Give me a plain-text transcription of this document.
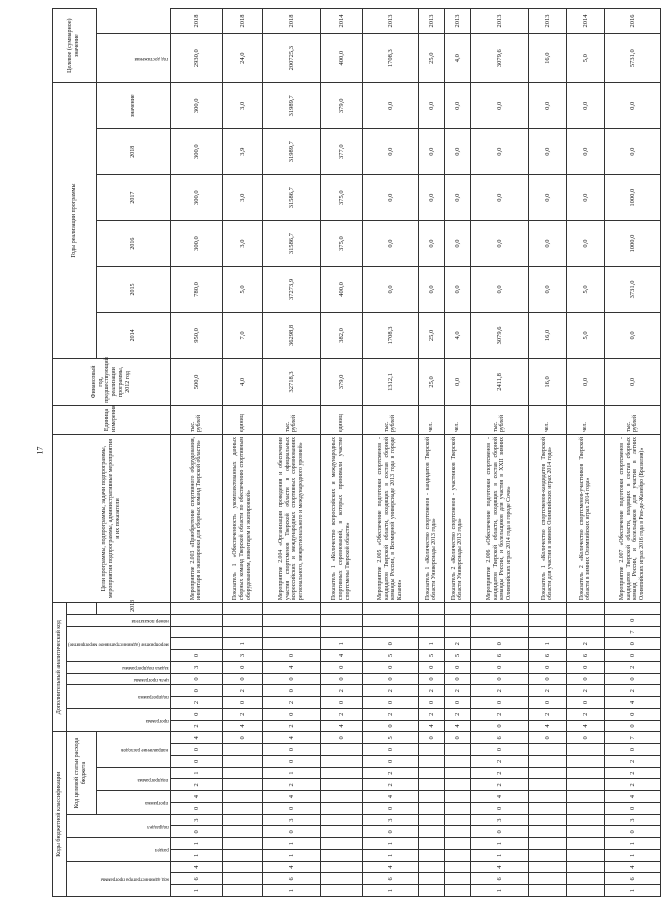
17
Коды бюджетной классификации														Дополнительный аналитический код											Цели программы, подпрограммы, задачи подпрограммы, мероприятия подпрограммы, административные мероприятия и их показатели	Единица измерения	Финансовый год, предшествующий реализации программы, 2012 год	Годы реализации программы						Целевое (суммарное) значение	
код администратора программы			раздел		подраздел		Код целевой статьи расхода бюджета							программа		подпрограмма		цель программы	задача подпрограммы	мероприятие (административное мероприятие)			номер показателя												
							программа		подпрограмма		направление расходов													2013				2014	2015	2016	2017	2018	значение	год достижения	
1	6	4	1	1	0	3	0	4	2	1	0	0	4	2	0	2	0	0	3	0					Мероприятие 2.003 «Приобретение спортивного оборудования, инвентаря и экипировки для сборных команд Тверской области»	тыс. рублей	500,0	950,0	780,0	300,0	300,0	300,0	300,0	2930,0	2018
													0	4	2	0	2	0	0	3	1				Показатель 1 «Обеспеченность укомплектованных данных сборных команд Тверской области по обеспечению спортивным оборудованием, инвентарем и экипировкой»	единиц	4,0	7,0	5,0	3,0	3,0	3,9	3,0	24,0	2018
1	6	4	1	1	0	3	0	4	2	1	0	0	4	2	0	2	0	0	4	0					Мероприятие 2.004 «Организация проведения и обеспечение участия спортсменов Тверской области в официальных всероссийских и международных спортивных соревнованиях регионального, межрегионального и международного уровней»	тыс. рублей	32718,3	36298,8	37273,9	31586,7	31586,7	31989,7	31989,7	200725,3	2018
													0	4	2	0	2	0	0	4	1				Показатель 1 «Количество всероссийских и международных спортивных соревнований, в которых принимали участие спортсмены Тверской области»	единиц	379,0	382,0	400,0	375,0	375,0	377,0	379,0	400,0	2014
1	6	4	1	1	0	3	0	4	2	2	0	0	5	0	2	0	2	0	0	5	0				Мероприятие 2.005 «Обеспечение подготовки спортсменов - кандидатов Тверской области, входящих в состав сборной команды России, в Всемирной универсиаде 2013 года в городе Казани»	тыс. рублей	1312,1	1708,3	0,0	0,0	0,0	0,0	0,0	1708,3	2013
													0	4	2	0	2	0	0	5	1				Показатель 1 «Количество спортсменов - кандидатов Тверской области Универсиады 2013 года»	чел.	25,0	25,0	0,0	0,0	0,0	0,0	0,0	25,0	2013
													0	4	2	0	2	0	0	5	2				Показатель 2 «Количество спортсменов - участников Тверской области Универсиады 2013 года»	чел.	0,0	4,0	0,0	0,0	0,0	0,0	0,0	4,0	2013
1	6	4	1	1	0	3	0	4	2	2	2	0	6	0	2	0	2	0	0	6	0				Мероприятие 2.006 «Обеспечение подготовки спортсменов - кандидатов Тверской области, входящих в состав сборной команды России, и болельщиков для участия в XXII зимних Олимпийских играх 2014 года в городе Сочи»	тыс. рублей	2411,8	3079,6	0,0	0,0	0,0	0,0	0,0	3079,6	2013
													0	4	2	0	2	0	0	6	1				Показатель 1 «Количество спортсменов-кандидатов Тверской области для участия в зимних Олимпийских играх 2014 года»	чел.	16,0	16,0	0,0	0,0	0,0	0,0	0,0	16,0	2013
													0	4	2	0	2	0	0	6	2				Показатель 2 «Количество спортсменов-участников Тверской области в зимних Олимпийских играх 2014 года»	чел.	0,0	5,0	5,0	0,0	0,0	0,0	0,0	5,0	2014
1	6	4	1	1	0	3	0	4	2	2	2	0	7	0	0	4	2	0	2	0	0	7	0		Мероприятие 2.007 «Обеспечение подготовки спортсменов - кандидатов Тверской области, входящих в состав сборных команд России, и болельщиков для участия в летних Олимпийских играх 2016 года в Рио-де-Жанейро (Бразилия)»	тыс. рублей	0,0	0,0	3731,0	1000,0	1000,0	0,0	0,0	5731,0	2016
